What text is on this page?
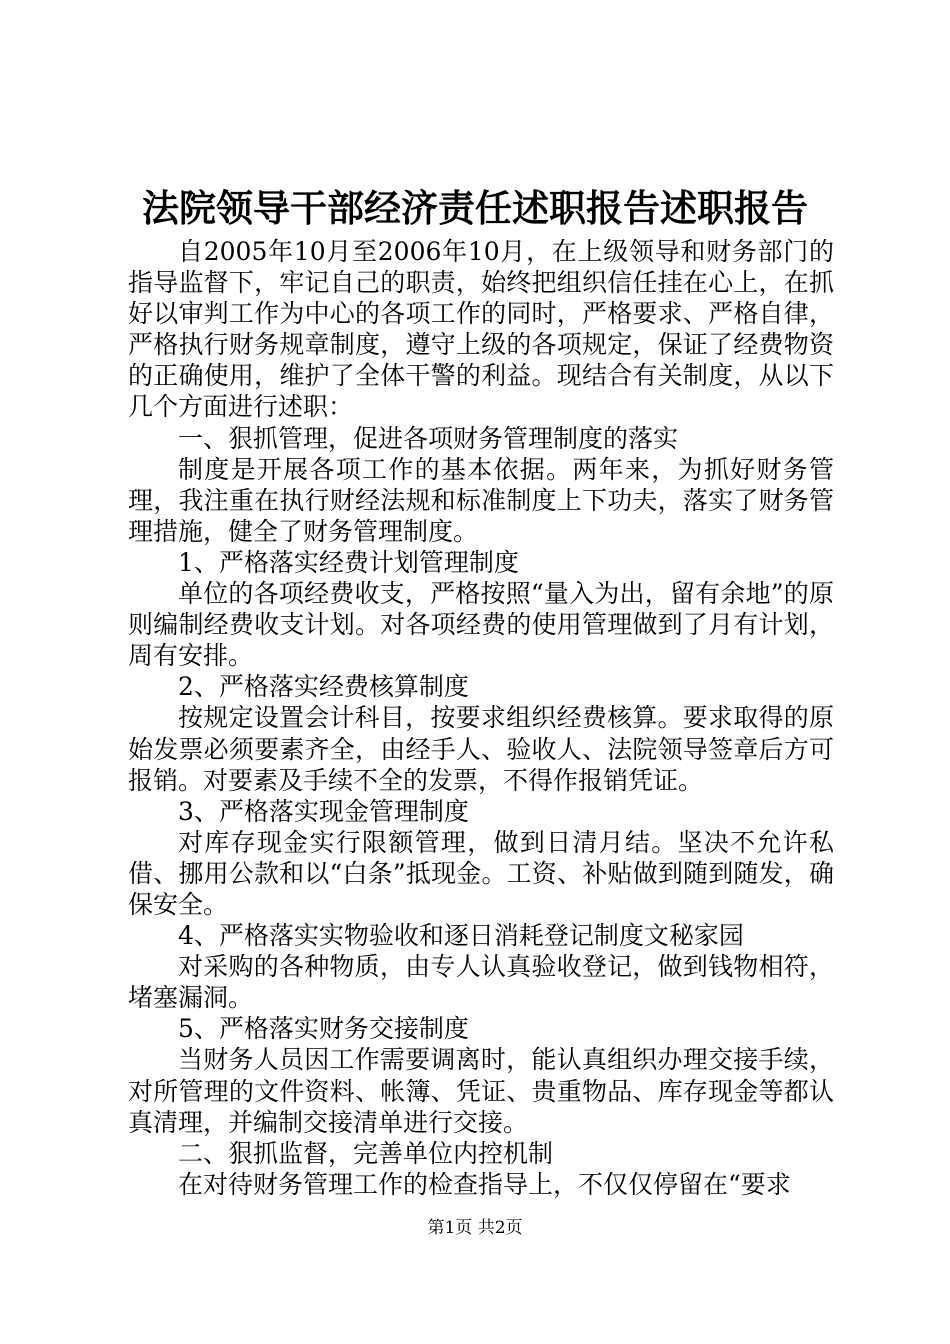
法院领导干部经济责任述职报告述职报告

自2005年10月至2006年10月，在上级领导和财务部门的指导监督下，牢记自己的职责，始终把组织信任挂在心上，在抓好以审判工作为中心的各项工作的同时，严格要求、严格自律，严格执行财务规章制度，遵守上级的各项规定，保证了经费物资的正确使用，维护了全体干警的利益。现结合有关制度，从以下几个方面进行述职：

一、狠抓管理，促进各项财务管理制度的落实

制度是开展各项工作的基本依据。两年来，为抓好财务管理，我注重在执行财经法规和标准制度上下功夫，落实了财务管理措施，健全了财务管理制度。

1、严格落实经费计划管理制度

单位的各项经费收支，严格按照“量入为出，留有余地”的原则编制经费收支计划。对各项经费的使用管理做到了月有计划，周有安排。

2、严格落实经费核算制度

按规定设置会计科目，按要求组织经费核算。要求取得的原始发票必须要素齐全，由经手人、验收人、法院领导签章后方可报销。对要素及手续不全的发票，不得作报销凭证。

3、严格落实现金管理制度

对库存现金实行限额管理，做到日清月结。坚决不允许私借、挪用公款和以“白条”抵现金。工资、补贴做到随到随发，确保安全。

4、严格落实实物验收和逐日消耗登记制度文秘家园

对采购的各种物质，由专人认真验收登记，做到钱物相符，堵塞漏洞。

5、严格落实财务交接制度

当财务人员因工作需要调离时，能认真组织办理交接手续，对所管理的文件资料、帐簿、凭证、贵重物品、库存现金等都认真清理，并编制交接清单进行交接。

二、狠抓监督，完善单位内控机制

在对待财务管理工作的检查指导上，不仅仅停留在“要求

第1页 共2页
